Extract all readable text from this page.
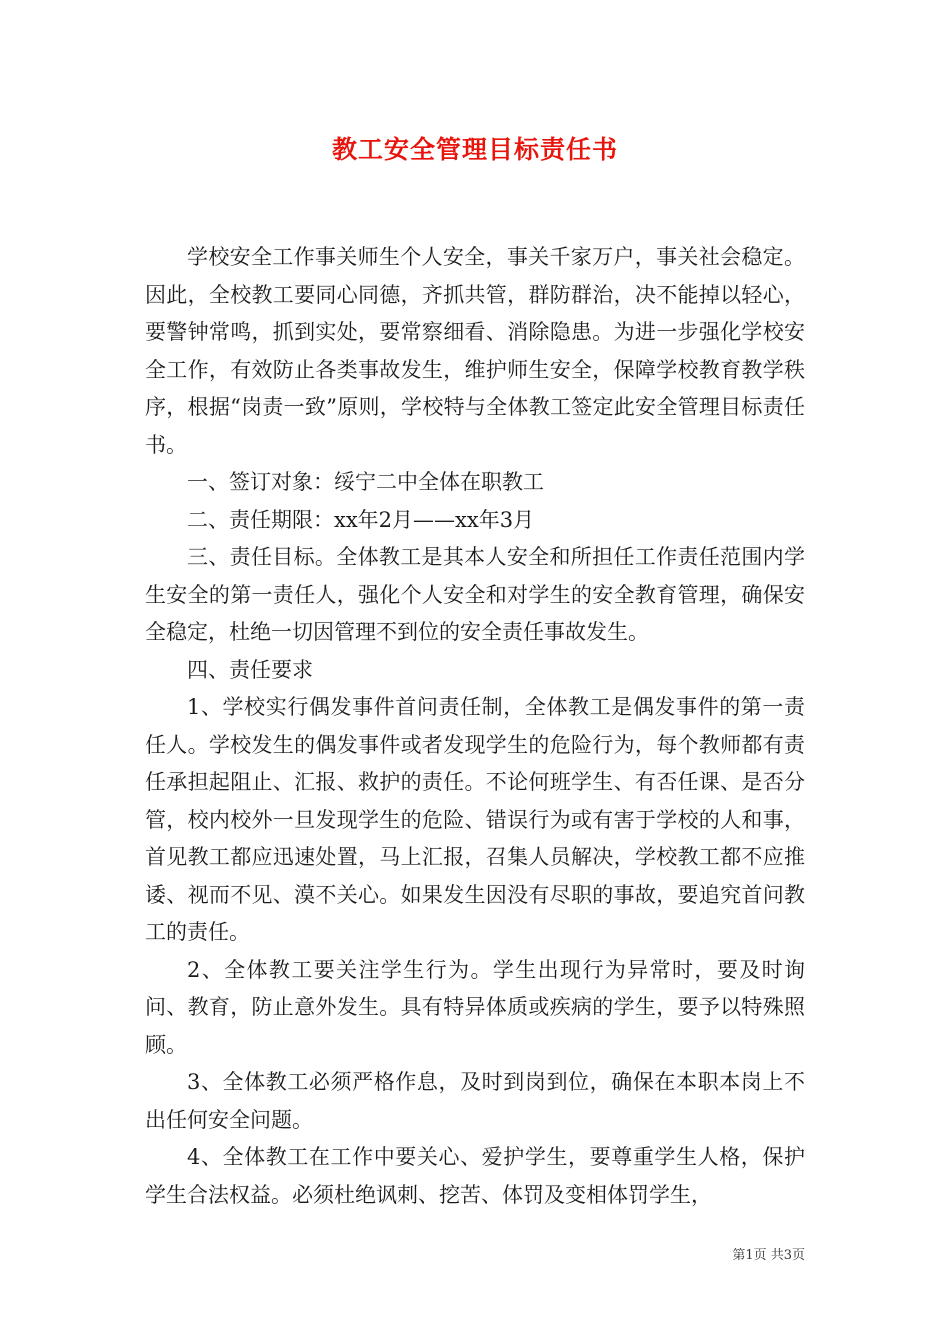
教工安全管理目标责任书

学校安全工作事关师生个人安全，事关千家万户，事关社会稳定。因此，全校教工要同心同德，齐抓共管，群防群治，决不能掉以轻心，要警钟常鸣，抓到实处，要常察细看、消除隐患。为进一步强化学校安全工作，有效防止各类事故发生，维护师生安全，保障学校教育教学秩序，根据“岗责一致”原则，学校特与全体教工签定此安全管理目标责任书。

一、签订对象：绥宁二中全体在职教工

二、责任期限：xx年2月——xx年3月

三、责任目标。全体教工是其本人安全和所担任工作责任范围内学生安全的第一责任人，强化个人安全和对学生的安全教育管理，确保安全稳定，杜绝一切因管理不到位的安全责任事故发生。

四、责任要求

1、学校实行偶发事件首问责任制，全体教工是偶发事件的第一责任人。学校发生的偶发事件或者发现学生的危险行为，每个教师都有责任承担起阻止、汇报、救护的责任。不论何班学生、有否任课、是否分管，校内校外一旦发现学生的危险、错误行为或有害于学校的人和事，首见教工都应迅速处置，马上汇报，召集人员解决，学校教工都不应推诿、视而不见、漠不关心。如果发生因没有尽职的事故，要追究首问教工的责任。

2、全体教工要关注学生行为。学生出现行为异常时，要及时询问、教育，防止意外发生。具有特异体质或疾病的学生，要予以特殊照顾。

3、全体教工必须严格作息，及时到岗到位，确保在本职本岗上不出任何安全问题。

4、全体教工在工作中要关心、爱护学生，要尊重学生人格，保护学生合法权益。必须杜绝讽刺、挖苦、体罚及变相体罚学生，

第1页 共3页
